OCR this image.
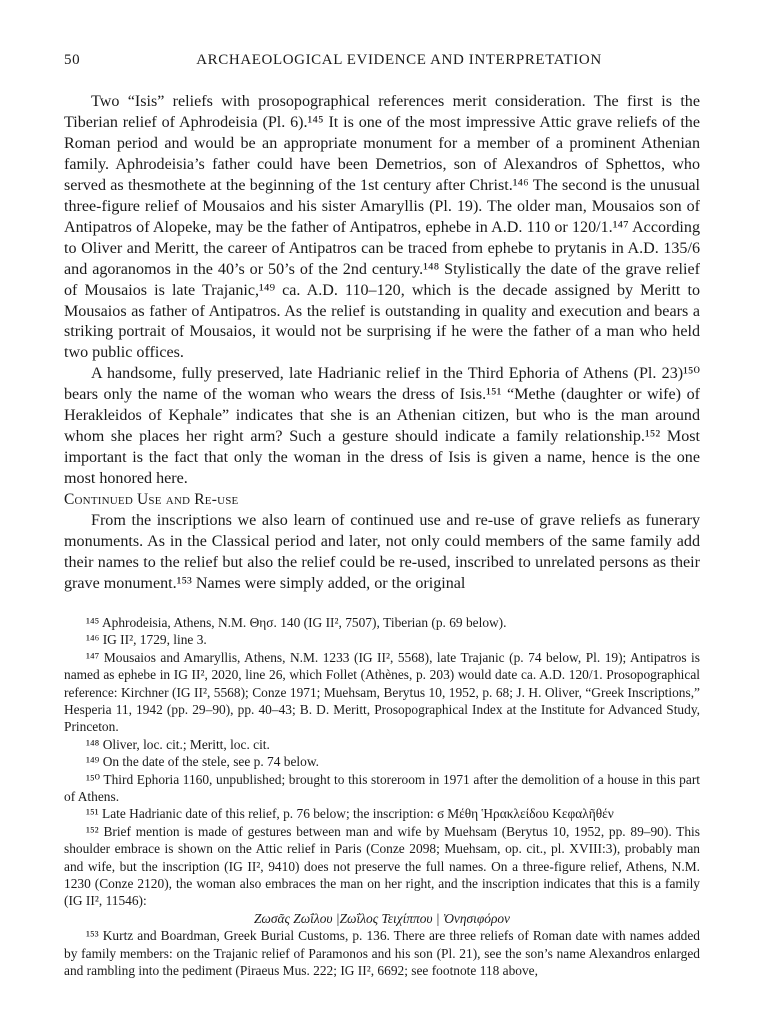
50	ARCHAEOLOGICAL EVIDENCE AND INTERPRETATION

Two “Isis” reliefs with prosopographical references merit consideration. The first is the Tiberian relief of Aphrodeisia (Pl. 6).¹⁴⁵ It is one of the most impressive Attic grave reliefs of the Roman period and would be an appropriate monument for a member of a prominent Athenian family. Aphrodeisia’s father could have been Demetrios, son of Alexandros of Sphettos, who served as thesmothete at the beginning of the 1st century after Christ.¹⁴⁶ The second is the unusual three-figure relief of Mousaios and his sister Amaryllis (Pl. 19). The older man, Mousaios son of Antipatros of Alopeke, may be the father of Antipatros, ephebe in A.D. 110 or 120/1.¹⁴⁷ According to Oliver and Meritt, the career of Antipatros can be traced from ephebe to prytanis in A.D. 135/6 and agoranomos in the 40’s or 50’s of the 2nd century.¹⁴⁸ Stylistically the date of the grave relief of Mousaios is late Trajanic,¹⁴⁹ ca. A.D. 110–120, which is the decade assigned by Meritt to Mousaios as father of Antipatros. As the relief is outstanding in quality and execution and bears a striking portrait of Mousaios, it would not be surprising if he were the father of a man who held two public offices.

A handsome, fully preserved, late Hadrianic relief in the Third Ephoria of Athens (Pl. 23)¹⁵⁰ bears only the name of the woman who wears the dress of Isis.¹⁵¹ “Methe (daughter or wife) of Herakleidos of Kephale” indicates that she is an Athenian citizen, but who is the man around whom she places her right arm? Such a gesture should indicate a family relationship.¹⁵² Most important is the fact that only the woman in the dress of Isis is given a name, hence is the one most honored here.

Continued Use and Re-use

From the inscriptions we also learn of continued use and re-use of grave reliefs as funerary monuments. As in the Classical period and later, not only could members of the same family add their names to the relief but also the relief could be re-used, inscribed to unrelated persons as their grave monument.¹⁵³ Names were simply added, or the original

¹⁴⁵ Aphrodeisia, Athens, N.M. Θησ. 140 (IG II², 7507), Tiberian (p. 69 below).

¹⁴⁶ IG II², 1729, line 3.

¹⁴⁷ Mousaios and Amaryllis, Athens, N.M. 1233 (IG II², 5568), late Trajanic (p. 74 below, Pl. 19); Antipatros is named as ephebe in IG II², 2020, line 26, which Follet (Athènes, p. 203) would date ca. A.D. 120/1. Prosopographical reference: Kirchner (IG II², 5568); Conze 1971; Muehsam, Berytus 10, 1952, p. 68; J. H. Oliver, “Greek Inscriptions,” Hesperia 11, 1942 (pp. 29–90), pp. 40–43; B. D. Meritt, Prosopographical Index at the Institute for Advanced Study, Princeton.

¹⁴⁸ Oliver, loc. cit.; Meritt, loc. cit.

¹⁴⁹ On the date of the stele, see p. 74 below.

¹⁵⁰ Third Ephoria 1160, unpublished; brought to this storeroom in 1971 after the demolition of a house in this part of Athens.

¹⁵¹ Late Hadrianic date of this relief, p. 76 below; the inscription: ϭ Μέθη Ἡρακλείδου Κεφαλῆθέν

¹⁵² Brief mention is made of gestures between man and wife by Muehsam (Berytus 10, 1952, pp. 89–90). This shoulder embrace is shown on the Attic relief in Paris (Conze 2098; Muehsam, op. cit., pl. XVIII:3), probably man and wife, but the inscription (IG II², 9410) does not preserve the full names. On a three-figure relief, Athens, N.M. 1230 (Conze 2120), the woman also embraces the man on her right, and the inscription indicates that this is a family (IG II², 11546):

Ζωσᾶς Ζωΐλου |Ζωΐλος Τειχίππου | Ὀνησιφόρον

¹⁵³ Kurtz and Boardman, Greek Burial Customs, p. 136. There are three reliefs of Roman date with names added by family members: on the Trajanic relief of Paramonos and his son (Pl. 21), see the son’s name Alexandros enlarged and rambling into the pediment (Piraeus Mus. 222; IG II², 6692; see footnote 118 above,
